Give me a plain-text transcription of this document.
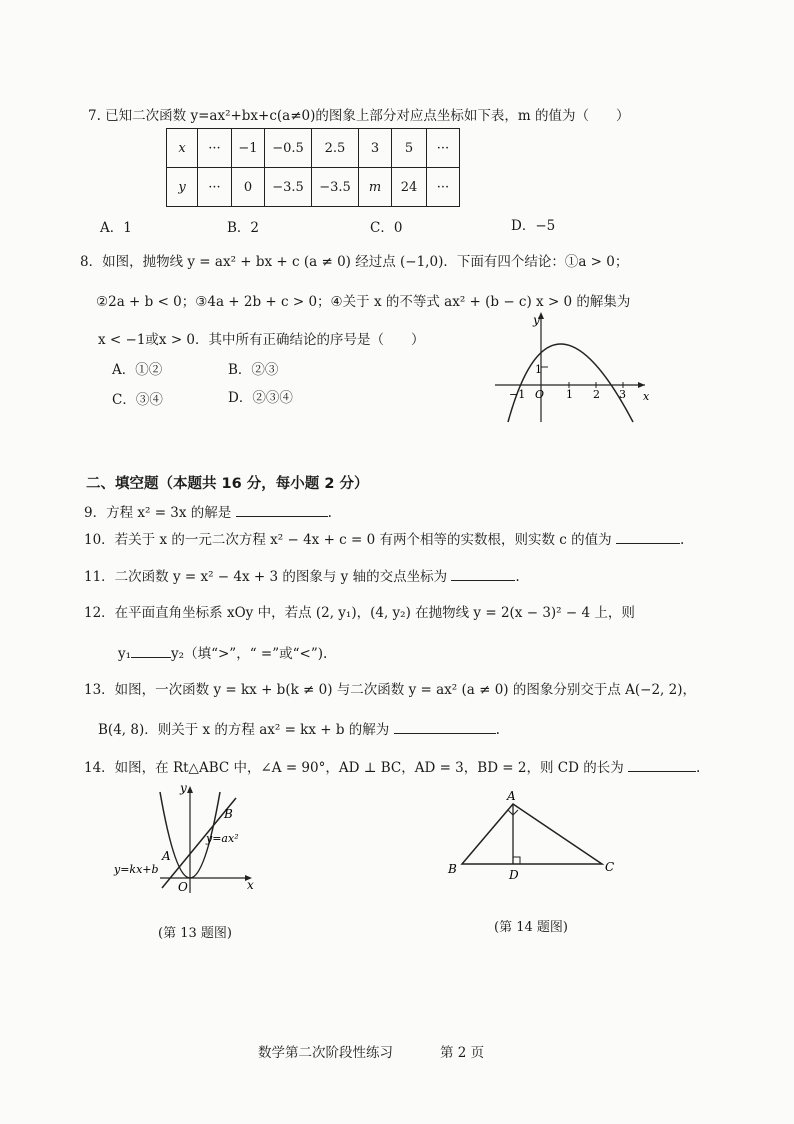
7. 已知二次函数 y=ax²+bx+c(a≠0)的图象上部分对应点坐标如下表，m 的值为（　　）
x	···	−1	−0.5	2.5	3	5	···
y	···	0	−3.5	−3.5	m	24	···
A．1	B．2	C．0	D．−5
8．如图，抛物线 y = ax² + bx + c (a ≠ 0) 经过点 (−1,0)．下面有四个结论：①a > 0；
②2a + b < 0；③4a + 2b + c > 0；④关于 x 的不等式 ax² + (b − c) x > 0 的解集为
x < −1或x > 0．其中所有正确结论的序号是（　　）
A．①②	B．②③
C．③④	D．②③④
y
x
O
−1	1 2 3
1
二、填空题（本题共 16 分，每小题 2 分）
9．方程 x² = 3x 的解是	.
10．若关于 x 的一元二次方程 x² − 4x + c = 0 有两个相等的实数根，则实数 c 的值为	.
11．二次函数 y = x² − 4x + 3 的图象与 y 轴的交点坐标为	.
12．在平面直角坐标系 xOy 中，若点 (2, y₁)，(4, y₂) 在抛物线 y = 2(x − 3)² − 4 上，则
y₁	y₂（填“>”，“ =”或“<”).
13．如图，一次函数 y = kx + b(k ≠ 0) 与二次函数 y = ax² (a ≠ 0) 的图象分别交于点 A(−2, 2)，
B(4, 8)．则关于 x 的方程 ax² = kx + b 的解为	.
14．如图，在 Rt△ABC 中，∠A = 90°，AD ⊥ BC，AD = 3，BD = 2，则 CD 的长为	.
y
x
O
A
B
y=ax²
y=kx+b
(第 13 题图)
A
B	C
D
(第 14 题图)
数学第二次阶段性练习	第 2 页
